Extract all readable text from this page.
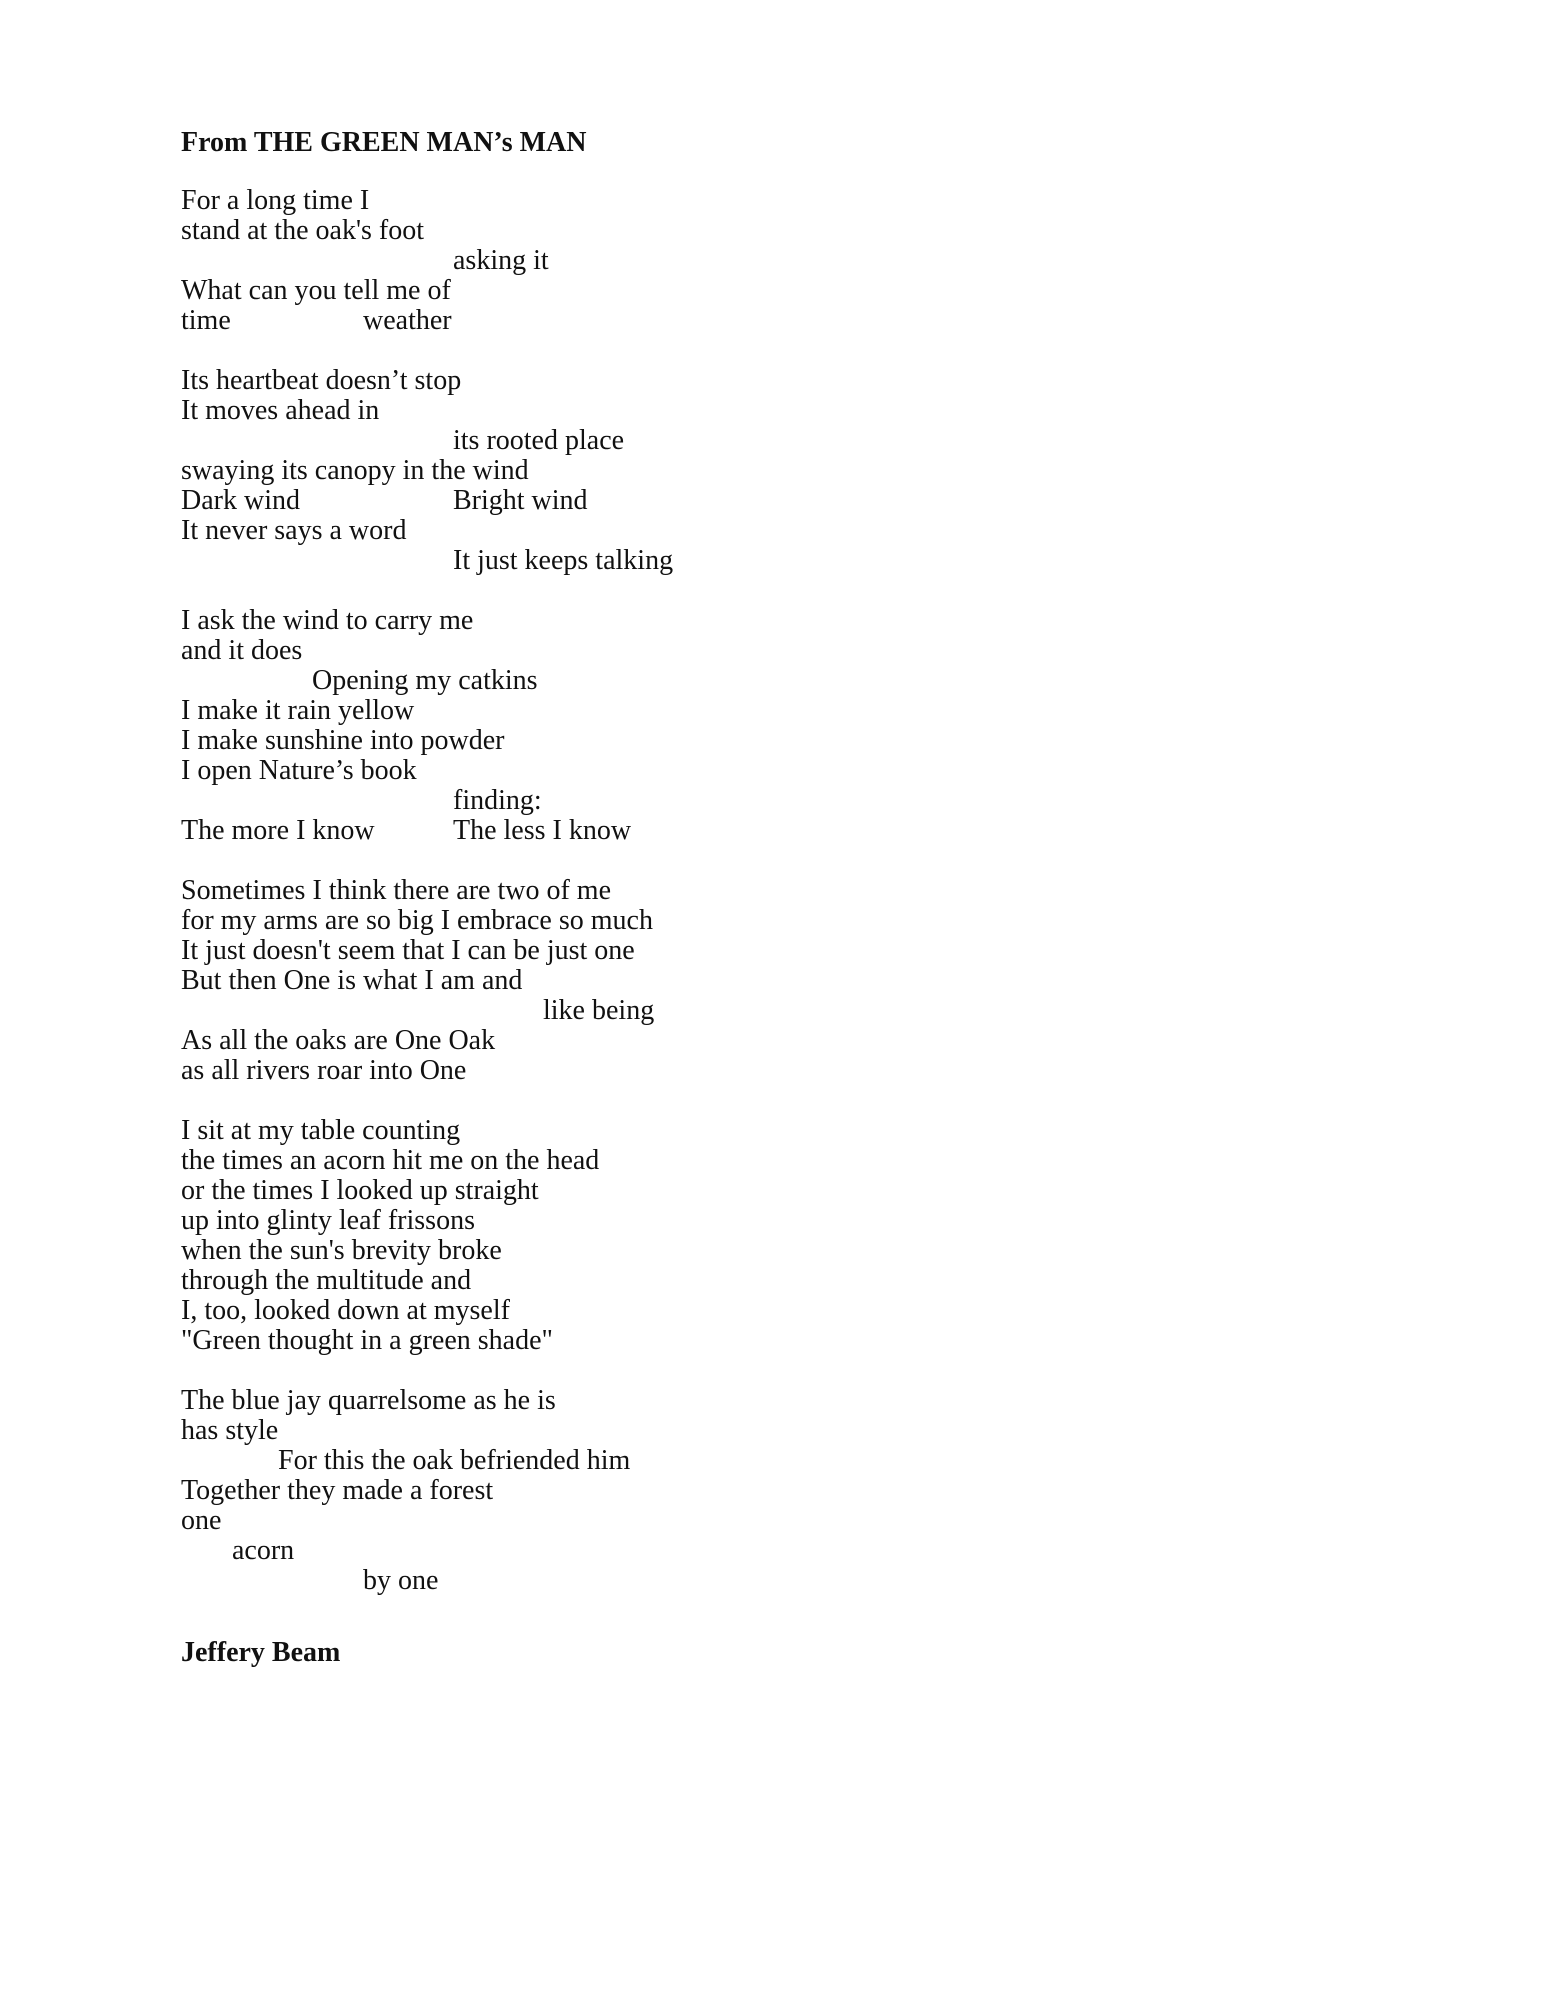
From THE GREEN MAN’s MAN
For a long time I
stand at the oak's foot
asking it
What can you tell me of
time	weather
Its heartbeat doesn’t stop
It moves ahead in
its rooted place
swaying its canopy in the wind
Dark wind	Bright wind
It never says a word
It just keeps talking
I ask the wind to carry me
and it does
Opening my catkins
I make it rain yellow
I make sunshine into powder
I open Nature’s book
finding:
The more I know	The less I know
Sometimes I think there are two of me
for my arms are so big I embrace so much
It just doesn't seem that I can be just one
But then One is what I am and
like being
As all the oaks are One Oak
as all rivers roar into One
I sit at my table counting
the times an acorn hit me on the head
or the times I looked up straight
up into glinty leaf frissons
when the sun's brevity broke
through the multitude and
I, too, looked down at myself
"Green thought in a green shade"
The blue jay quarrelsome as he is
has style
For this the oak befriended him
Together they made a forest
one
acorn
by one

Jeffery Beam
